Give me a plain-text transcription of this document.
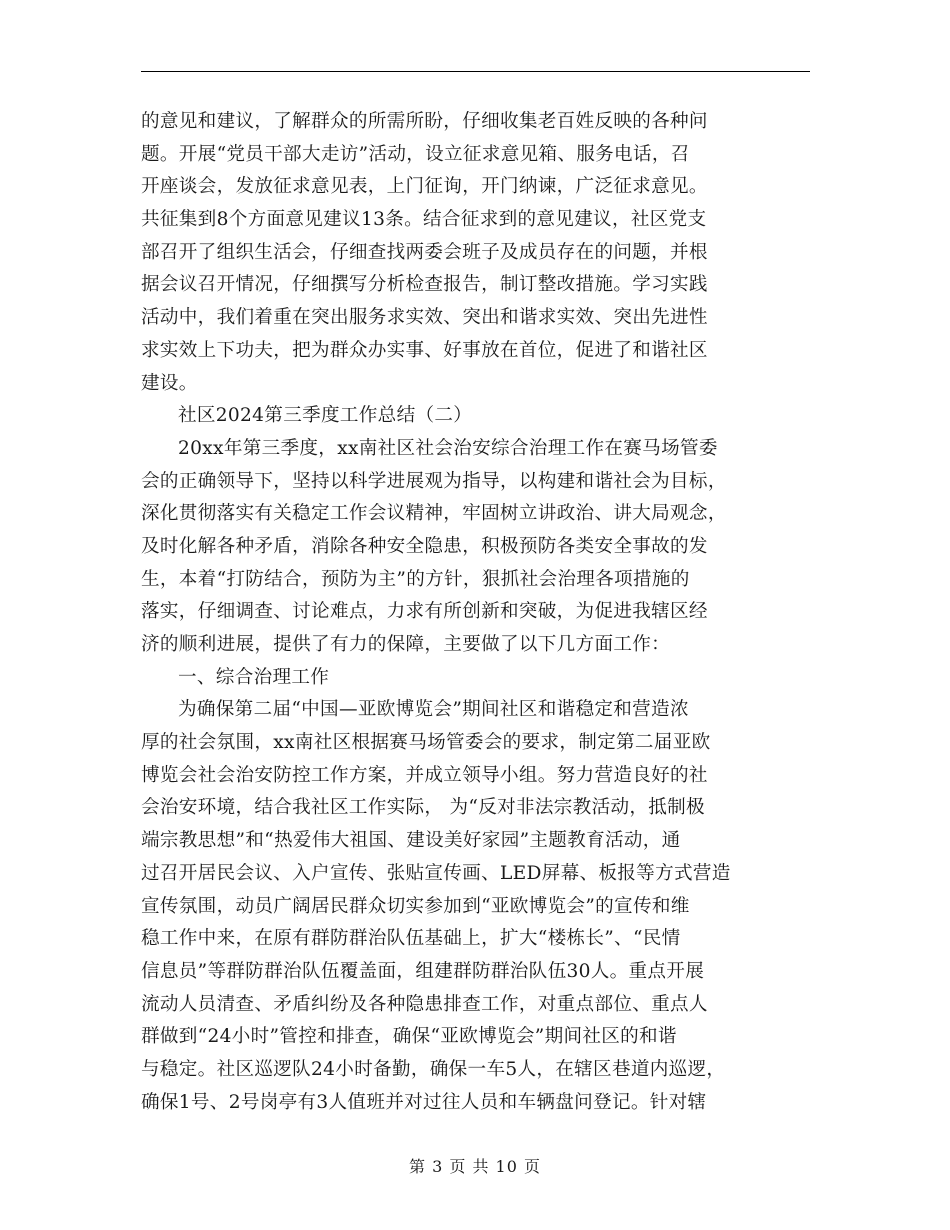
的意见和建议，了解群众的所需所盼，仔细收集老百姓反映的各种问
题。开展“党员干部大走访”活动，设立征求意见箱、服务电话，召
开座谈会，发放征求意见表，上门征询，开门纳谏，广泛征求意见。
共征集到8个方面意见建议13条。结合征求到的意见建议，社区党支
部召开了组织生活会，仔细查找两委会班子及成员存在的问题，并根
据会议召开情况，仔细撰写分析检查报告，制订整改措施。学习实践
活动中，我们着重在突出服务求实效、突出和谐求实效、突出先进性
求实效上下功夫，把为群众办实事、好事放在首位，促进了和谐社区
建设。
社区2024第三季度工作总结（二）
20xx年第三季度，xx南社区社会治安综合治理工作在赛马场管委
会的正确领导下，坚持以科学进展观为指导，以构建和谐社会为目标，
深化贯彻落实有关稳定工作会议精神，牢固树立讲政治、讲大局观念，
及时化解各种矛盾，消除各种安全隐患，积极预防各类安全事故的发
生，本着“打防结合，预防为主”的方针，狠抓社会治理各项措施的
落实，仔细调查、讨论难点，力求有所创新和突破，为促进我辖区经
济的顺利进展，提供了有力的保障，主要做了以下几方面工作：
一、综合治理工作
为确保第二届“中国—亚欧博览会”期间社区和谐稳定和营造浓
厚的社会氛围，xx南社区根据赛马场管委会的要求，制定第二届亚欧
博览会社会治安防控工作方案，并成立领导小组。努力营造良好的社
会治安环境，结合我社区工作实际， 为“反对非法宗教活动，抵制极
端宗教思想”和“热爱伟大祖国、建设美好家园”主题教育活动，通
过召开居民会议、入户宣传、张贴宣传画、LED屏幕、板报等方式营造
宣传氛围，动员广阔居民群众切实参加到“亚欧博览会”的宣传和维
稳工作中来，在原有群防群治队伍基础上，扩大“楼栋长”、“民情
信息员”等群防群治队伍覆盖面，组建群防群治队伍30人。重点开展
流动人员清查、矛盾纠纷及各种隐患排查工作，对重点部位、重点人
群做到“24小时”管控和排查，确保“亚欧博览会”期间社区的和谐
与稳定。社区巡逻队24小时备勤，确保一车5人，在辖区巷道内巡逻，
确保1号、2号岗亭有3人值班并对过往人员和车辆盘问登记。针对辖
第 3 页 共 10 页
